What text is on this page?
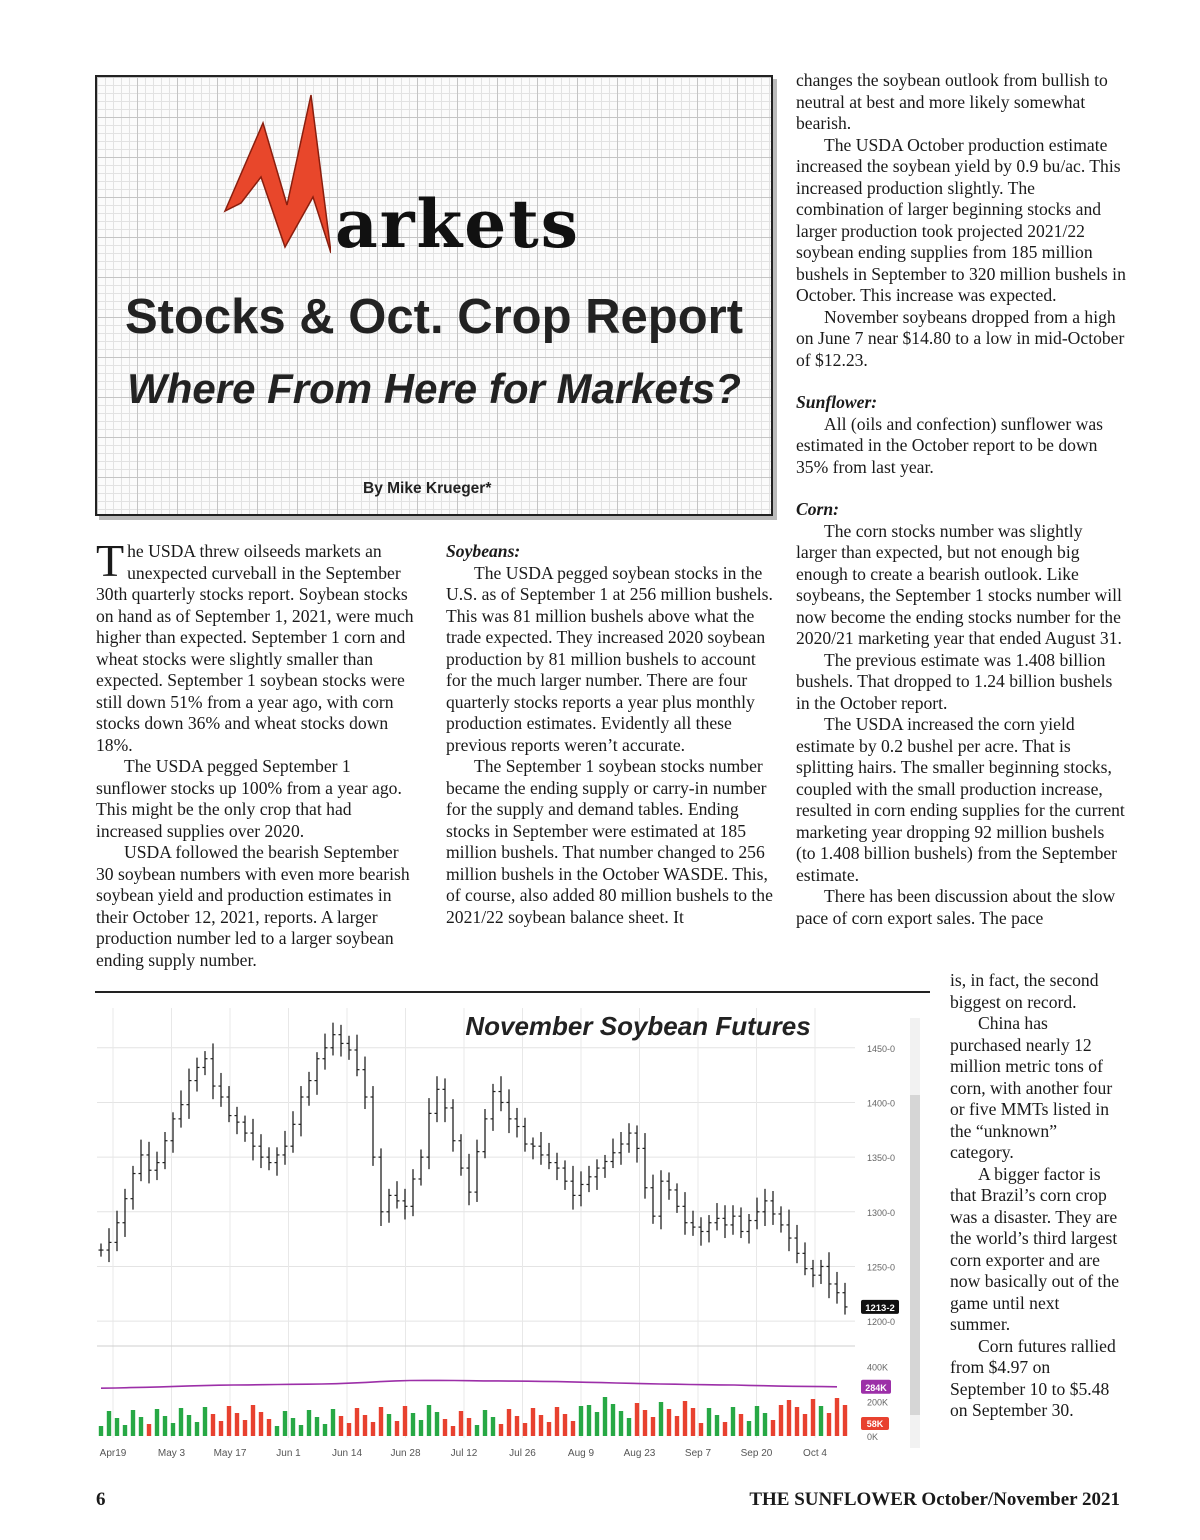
arkets
Stocks & Oct. Crop Report
Where From Here for Markets?
By Mike Krueger*

The USDA threw oilseeds markets an unexpected curveball in the September 30th quarterly stocks report. Soybean stocks on hand as of September 1, 2021, were much higher than expected. September 1 corn and wheat stocks were slightly smaller than expected. September 1 soybean stocks were still down 51% from a year ago, with corn stocks down 36% and wheat stocks down 18%.

The USDA pegged September 1 sunflower stocks up 100% from a year ago. This might be the only crop that had increased supplies over 2020.

USDA followed the bearish September 30 soybean numbers with even more bearish soybean yield and production estimates in their October 12, 2021, reports. A larger production number led to a larger soybean ending supply number.

Soybeans:

The USDA pegged soybean stocks in the U.S. as of September 1 at 256 million bushels. This was 81 million bushels above what the trade expected. They increased 2020 soybean production by 81 million bushels to account for the much larger number. There are four quarterly stocks reports a year plus monthly production estimates. Evidently all these previous reports weren’t accurate.

The September 1 soybean stocks number became the ending supply or carry-in number for the supply and demand tables. Ending stocks in September were estimated at 185 million bushels. That number changed to 256 million bushels in the October WASDE. This, of course, also added 80 million bushels to the 2021/22 soybean balance sheet. It

changes the soybean outlook from bullish to neutral at best and more likely somewhat bearish.

The USDA October production estimate increased the soybean yield by 0.9 bu/ac. This increased production slightly. The combination of larger beginning stocks and larger production took projected 2021/22 soybean ending supplies from 185 million bushels in September to 320 million bushels in October. This increase was expected.

November soybeans dropped from a high on June 7 near $14.80 to a low in mid-October of $12.23.

Sunflower:

All (oils and confection) sunflower was estimated in the October report to be down 35% from last year.

Corn:

The corn stocks number was slightly larger than expected, but not enough big enough to create a bearish outlook. Like soybeans, the September 1 stocks number will now become the ending stocks number for the 2020/21 marketing year that ended August 31.

The previous estimate was 1.408 billion bushels. That dropped to 1.24 billion bushels in the October report.

The USDA increased the corn yield estimate by 0.2 bushel per acre. That is splitting hairs. The smaller beginning stocks, coupled with the small production increase, resulted in corn ending supplies for the current marketing year dropping 92 million bushels (to 1.408 billion bushels) from the September estimate.

There has been discussion about the slow pace of corn export sales. The pace

is, in fact, the second biggest on record.

China has purchased nearly 12 million metric tons of corn, with another four or five MMTs listed in the “unknown” category.

A bigger factor is that Brazil’s corn crop was a disaster. They are the world’s third largest corn exporter and are now basically out of the game until next summer.

Corn futures rallied from $4.97 on September 10 to $5.48 on September 30.

1450-0
1400-0
1350-0
1300-0
1250-0
1200-0
Apr19	May 3	May 17	Jun 1	Jun 14	Jun 28	Jul 12	Jul 26	Aug 9	Aug 23	Sep 7	Sep 20	Oct 4
1213-2
400K
200K
0K
284K
58K
November Soybean Futures
6	THE SUNFLOWER October/November 2021
